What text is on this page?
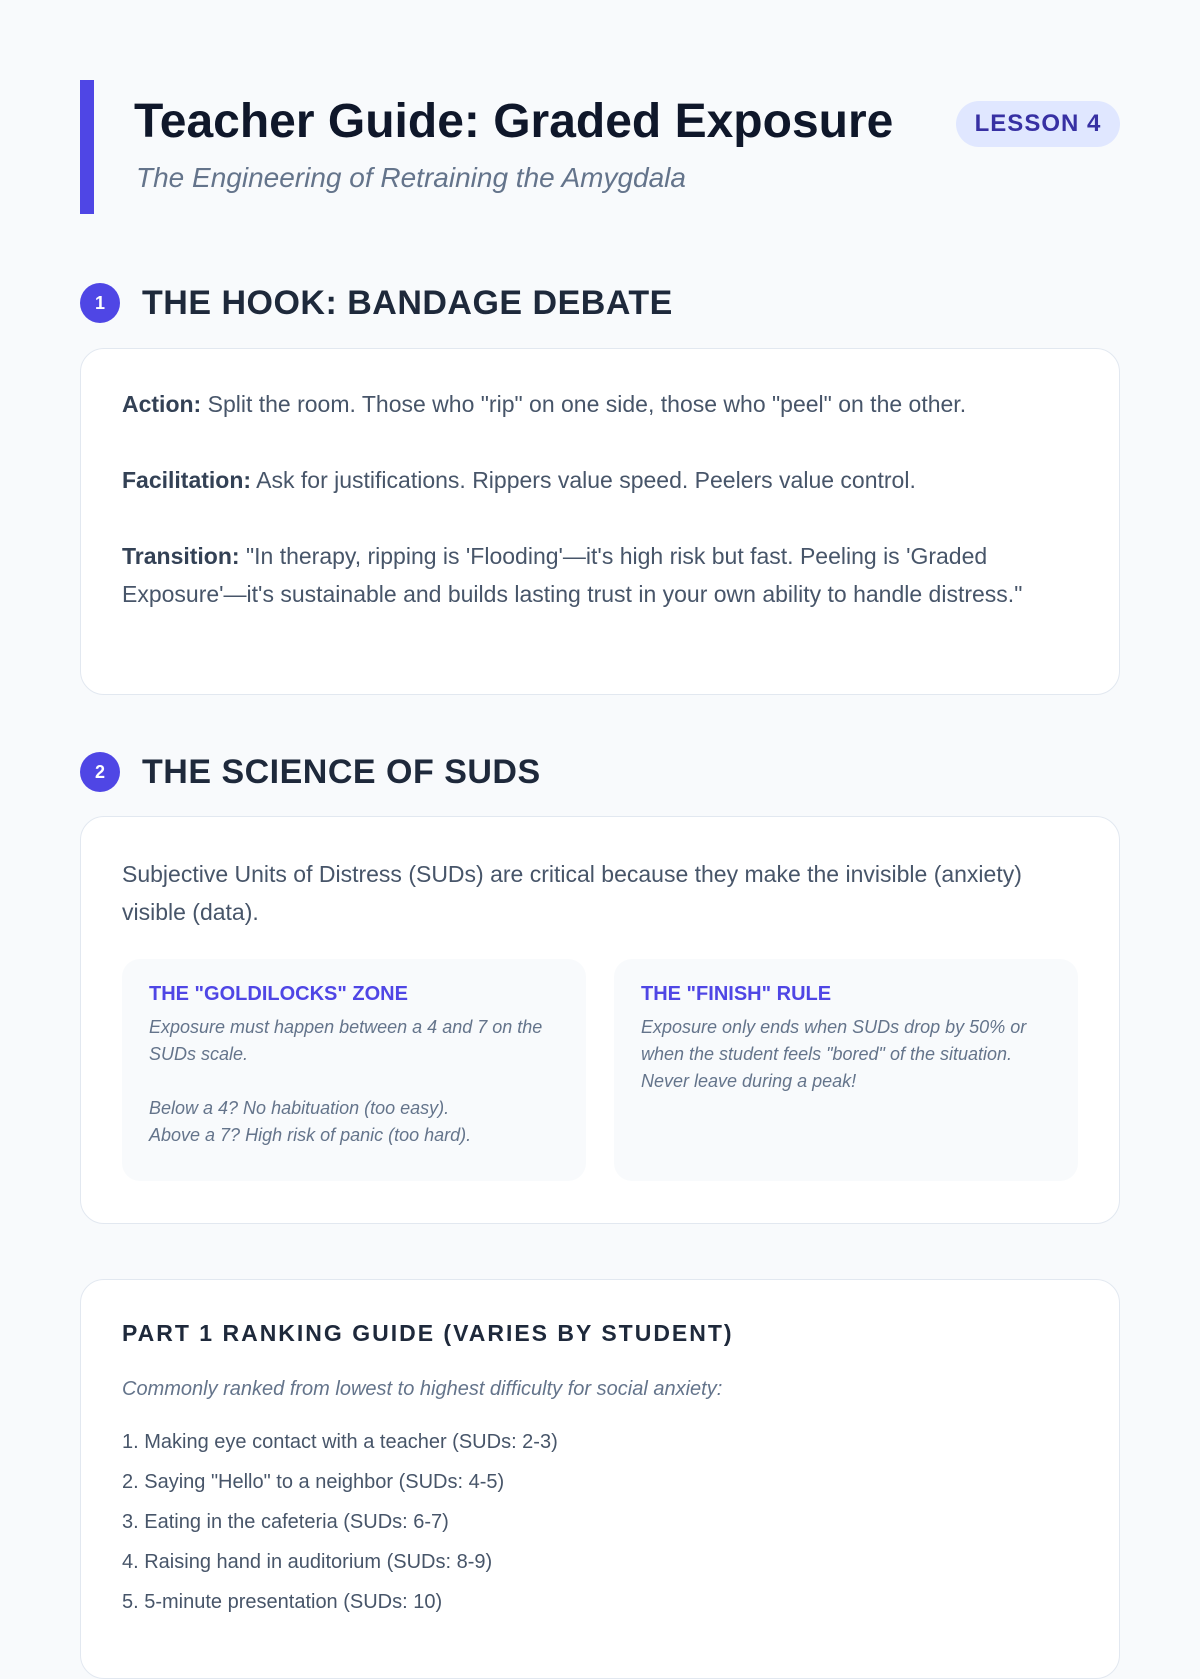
Teacher Guide: Graded Exposure	LESSON 4
The Engineering of Retraining the Amygdala
1	THE HOOK: BANDAGE DEBATE

Action: Split the room. Those who "rip" on one side, those who "peel" on the other.

Facilitation: Ask for justifications. Rippers value speed. Peelers value control.

Transition: "In therapy, ripping is 'Flooding'—it's high risk but fast. Peeling is 'Graded Exposure'—it's sustainable and builds lasting trust in your own ability to handle distress."

2	THE SCIENCE OF SUDS

Subjective Units of Distress (SUDs) are critical because they make the invisible (anxiety) visible (data).

THE "GOLDILOCKS" ZONE
Exposure must happen between a 4 and 7 on the SUDs scale.
Below a 4? No habituation (too easy).
Above a 7? High risk of panic (too hard).
THE "FINISH" RULE
Exposure only ends when SUDs drop by 50% or when the student feels "bored" of the situation. Never leave during a peak!
PART 1 RANKING GUIDE (VARIES BY STUDENT)
Commonly ranked from lowest to highest difficulty for social anxiety:
1. Making eye contact with a teacher (SUDs: 2-3)
2. Saying "Hello" to a neighbor (SUDs: 4-5)
3. Eating in the cafeteria (SUDs: 6-7)
4. Raising hand in auditorium (SUDs: 8-9)
5. 5-minute presentation (SUDs: 10)
